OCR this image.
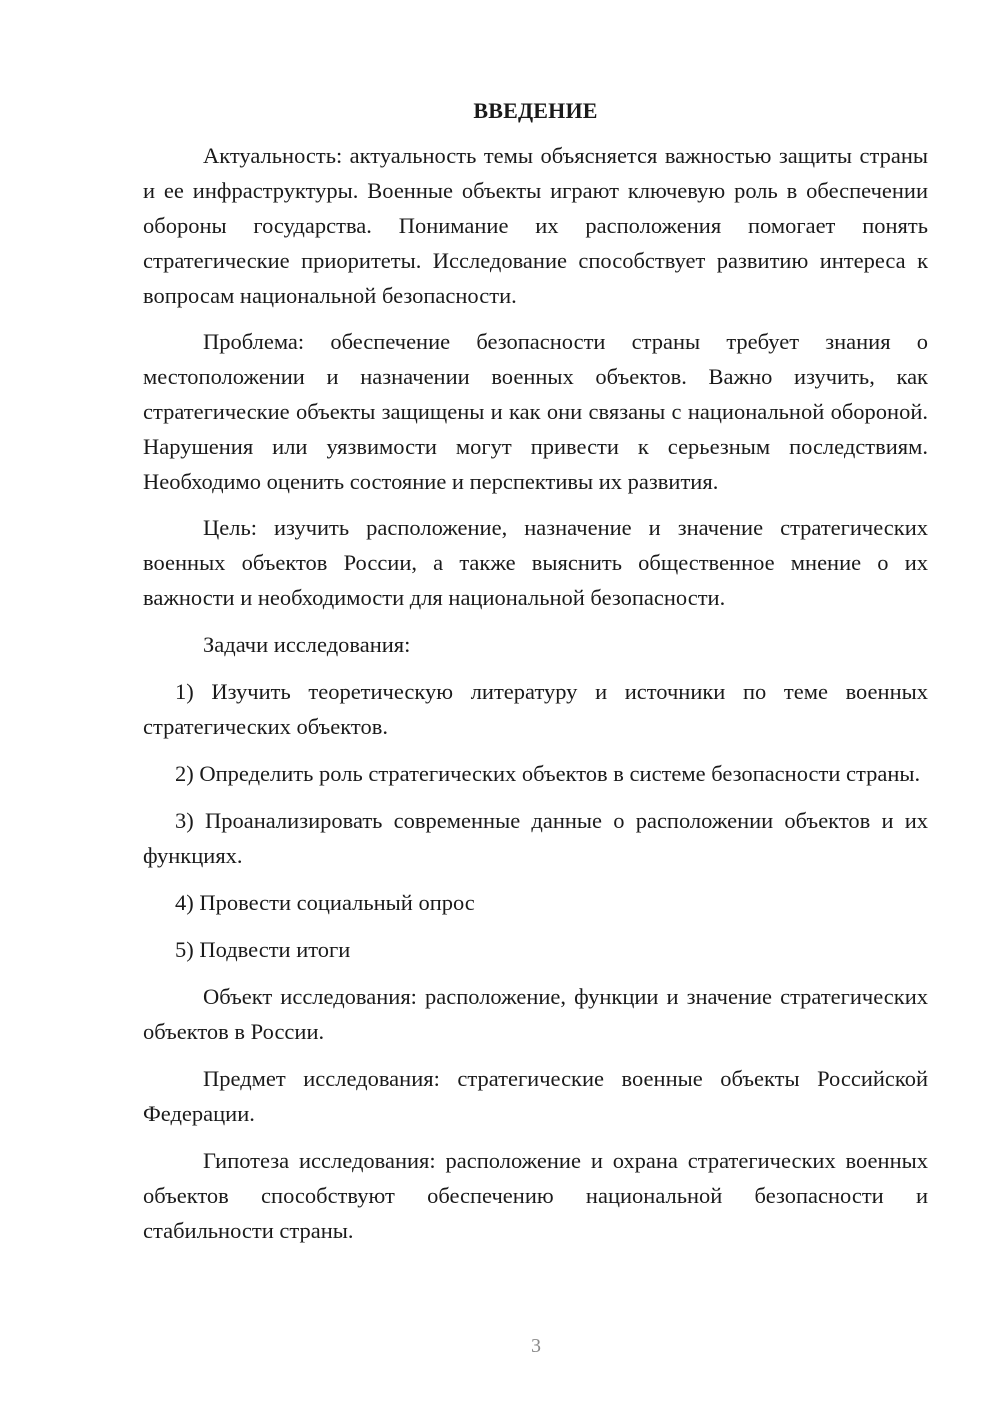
ВВЕДЕНИЕ

Актуальность: актуальность темы объясняется важностью защиты страны и ее инфраструктуры. Военные объекты играют ключевую роль в обеспечении обороны государства. Понимание их расположения помогает понять стратегические приоритеты. Исследование способствует развитию интереса к вопросам национальной безопасности.

Проблема: обеспечение безопасности страны требует знания о местоположении и назначении военных объектов. Важно изучить, как стратегические объекты защищены и как они связаны с национальной обороной. Нарушения или уязвимости могут привести к серьезным последствиям. Необходимо оценить состояние и перспективы их развития.

Цель: изучить расположение, назначение и значение стратегических военных объектов России, а также выяснить общественное мнение о их важности и необходимости для национальной безопасности.

Задачи исследования:

1) Изучить теоретическую литературу и источники по теме военных стратегических объектов.

2) Определить роль стратегических объектов в системе безопасности страны.

3) Проанализировать современные данные о расположении объектов и их функциях.

4) Провести социальный опрос

5) Подвести итоги

Объект исследования: расположение, функции и значение стратегических объектов в России.

Предмет исследования: стратегические военные объекты Российской Федерации.

Гипотеза исследования: расположение и охрана стратегических военных объектов способствуют обеспечению национальной безопасности и стабильности страны.

3
